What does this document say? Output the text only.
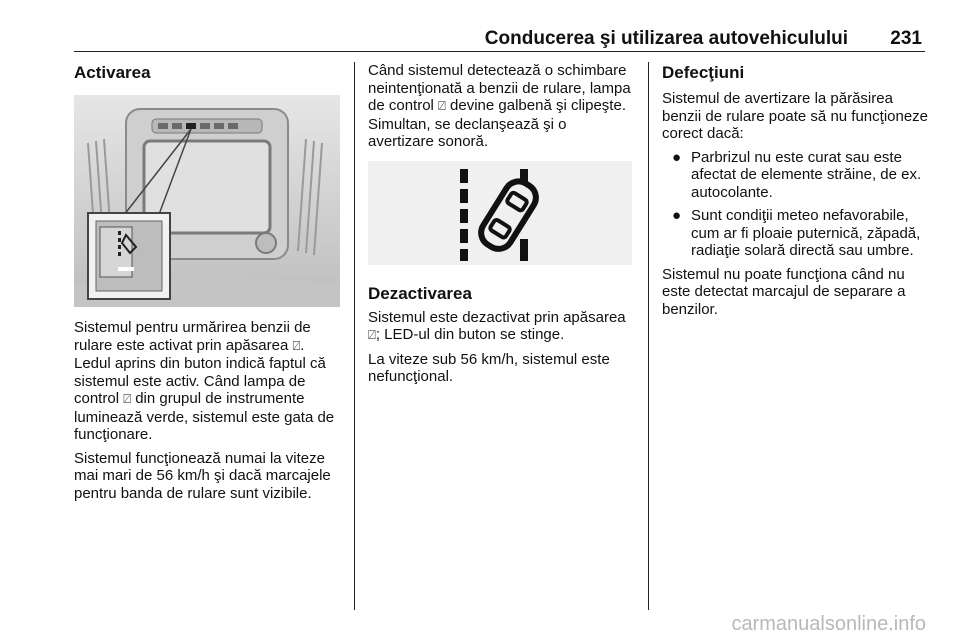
Conducerea şi utilizarea autovehiculului 231
Activarea

Sistemul pentru urmărirea benzii de rulare este activat prin apăsarea ⍁. Ledul aprins din buton indică faptul că sistemul este activ. Când lampa de control ⍁ din grupul de instrumente luminează verde, sistemul este gata de funcţionare.

Sistemul funcţionează numai la viteze mai mari de 56 km/h şi dacă marcajele pentru banda de rulare sunt vizibile.

Când sistemul detectează o schimbare neintenţionată a benzii de rulare, lampa de control ⍁ devine galbenă şi clipeşte. Simultan, se declanşează şi o avertizare sonoră.

Dezactivarea

Sistemul este dezactivat prin apăsarea ⍁; LED-ul din buton se stinge.

La viteze sub 56 km/h, sistemul este nefuncţional.

Defecţiuni

Sistemul de avertizare la părăsirea benzii de rulare poate să nu funcţioneze corect dacă:

● Parbrizul nu este curat sau este afectat de elemente străine, de ex. autocolante.
● Sunt condiţii meteo nefavorabile, cum ar fi ploaie puternică, zăpadă, radiaţie solară directă sau umbre.

Sistemul nu poate funcţiona când nu este detectat marcajul de separare a benzilor.

carmanualsonline.info
